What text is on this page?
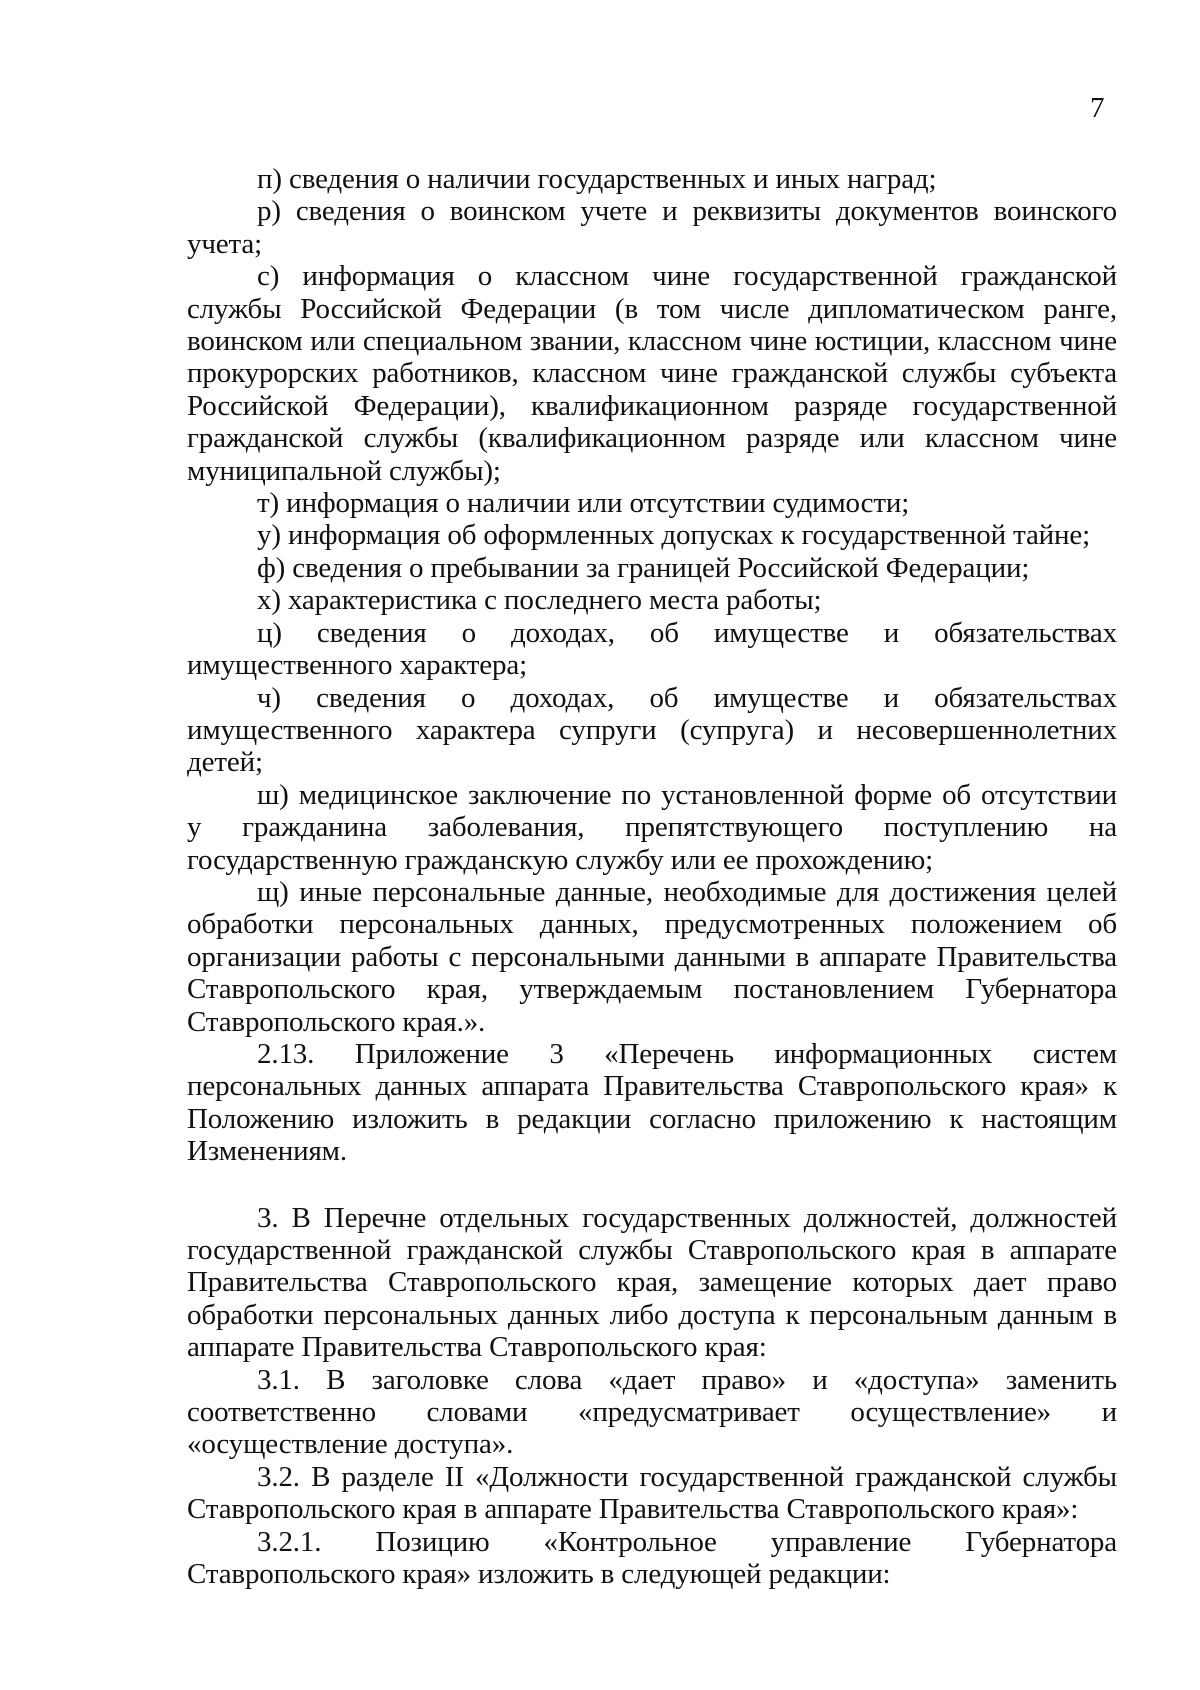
7

п) сведения о наличии государственных и иных наград;

р) сведения о воинском учете и реквизиты документов воинского учета;

с) информация о классном чине государственной гражданской службы Российской Федерации (в том числе дипломатическом ранге, воинском или специальном звании, классном чине юстиции, классном чине прокурорских работников, классном чине гражданской службы субъекта Российской Федерации), квалификационном разряде государственной гражданской службы (квалификационном разряде или классном чине муниципальной службы);

т) информация о наличии или отсутствии судимости;

у) информация об оформленных допусках к государственной тайне;

ф) сведения о пребывании за границей Российской Федерации;

х) характеристика с последнего места работы;

ц) сведения о доходах, об имуществе и обязательствах имущественного характера;

ч) сведения о доходах, об имуществе и обязательствах имущественного характера супруги (супруга) и несовершеннолетних детей;

ш) медицинское заключение по установленной форме об отсутствии у гражданина заболевания, препятствующего поступлению на государственную гражданскую службу или ее прохождению;

щ) иные персональные данные, необходимые для достижения целей обработки персональных данных, предусмотренных положением об организации работы с персональными данными в аппарате Правительства Ставропольского края, утверждаемым постановлением Губернатора Ставропольского края.».

2.13. Приложение 3 «Перечень информационных систем персональных данных аппарата Правительства Ставропольского края» к Положению изложить в редакции согласно приложению к настоящим Изменениям.

3. В Перечне отдельных государственных должностей, должностей государственной гражданской службы Ставропольского края в аппарате Правительства Ставропольского края, замещение которых дает право обработки персональных данных либо доступа к персональным данным в аппарате Правительства Ставропольского края:

3.1. В заголовке слова «дает право» и «доступа» заменить соответственно словами «предусматривает осуществление» и «осуществление доступа».

3.2. В разделе II «Должности государственной гражданской службы Ставропольского края в аппарате Правительства Ставропольского края»:

3.2.1. Позицию «Контрольное управление Губернатора Ставропольского края» изложить в следующей редакции:
